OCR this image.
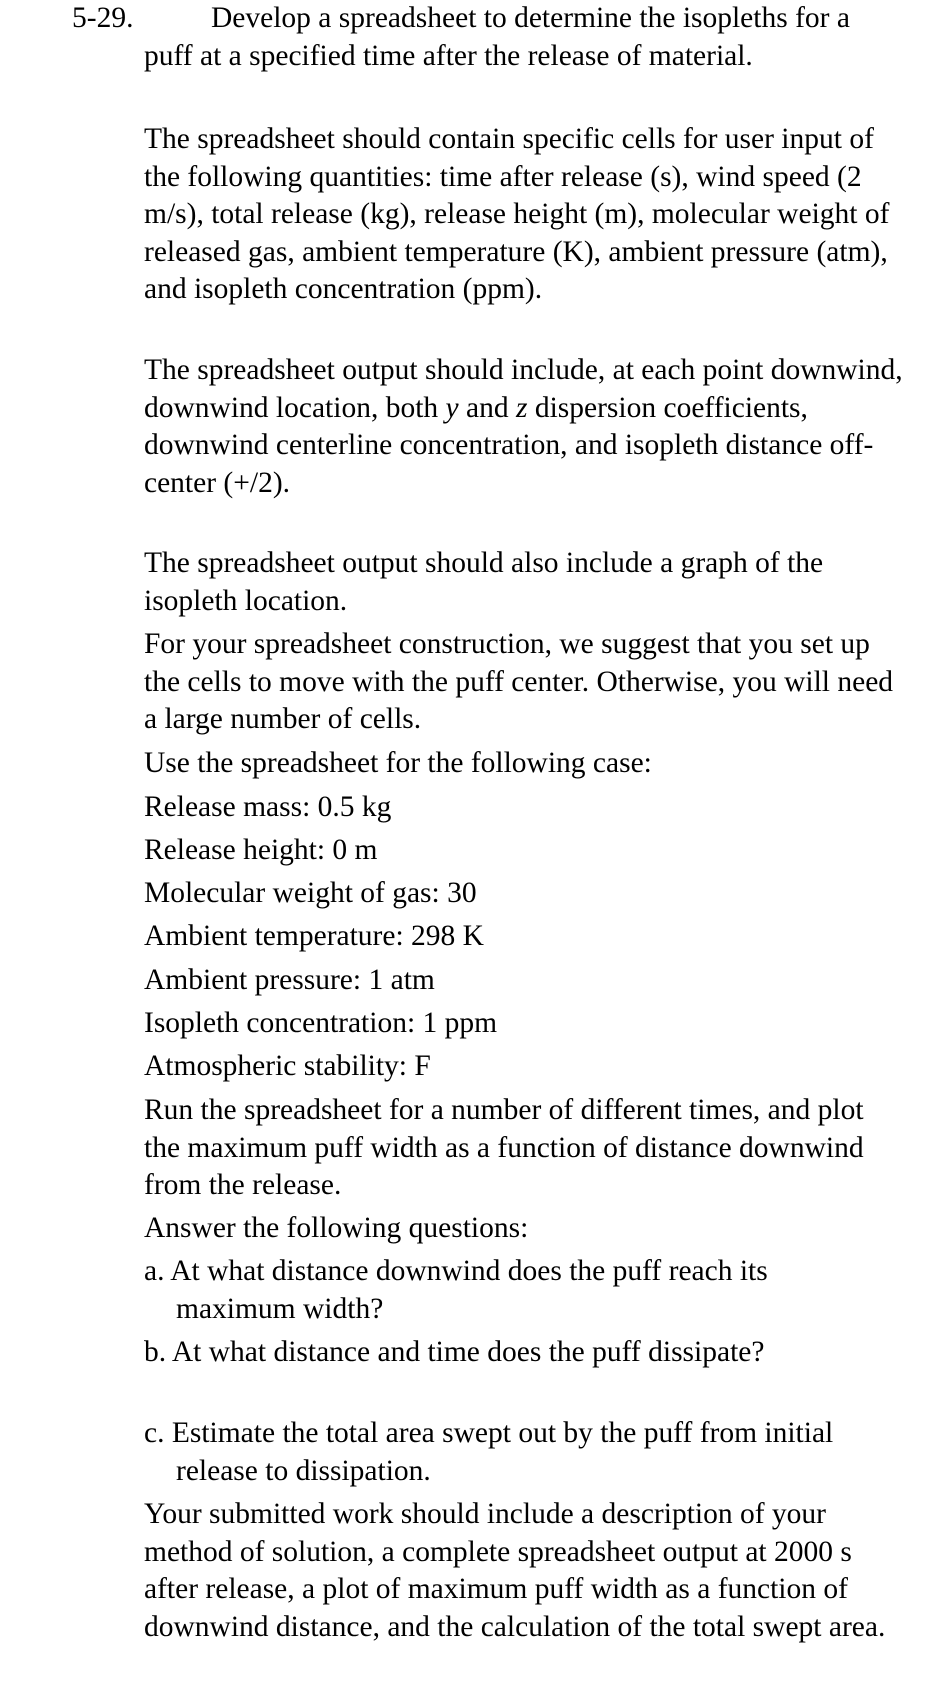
5-29.	Develop a spreadsheet to determine the isopleths for a puff at a specified time after the release of material.
The spreadsheet should contain specific cells for user input of the following quantities: time after release (s), wind speed (2 m/s), total release (kg), release height (m), molecular weight of released gas, ambient temperature (K), ambient pressure (atm), and isopleth concentration (ppm).
The spreadsheet output should include, at each point downwind, downwind location, both y and z dispersion coefficients, downwind centerline concentration, and isopleth distance off-center (+/2).
The spreadsheet output should also include a graph of the isopleth location.
For your spreadsheet construction, we suggest that you set up the cells to move with the puff center. Otherwise, you will need a large number of cells.
Use the spreadsheet for the following case:
Release mass: 0.5 kg
Release height: 0 m
Molecular weight of gas: 30
Ambient temperature: 298 K
Ambient pressure: 1 atm
Isopleth concentration: 1 ppm
Atmospheric stability: F
Run the spreadsheet for a number of different times, and plot the maximum puff width as a function of distance downwind from the release.
Answer the following questions:
a. At what distance downwind does the puff reach its maximum width?
b. At what distance and time does the puff dissipate?
c. Estimate the total area swept out by the puff from initial release to dissipation.
Your submitted work should include a description of your method of solution, a complete spreadsheet output at 2000 s after release, a plot of maximum puff width as a function of downwind distance, and the calculation of the total swept area.
